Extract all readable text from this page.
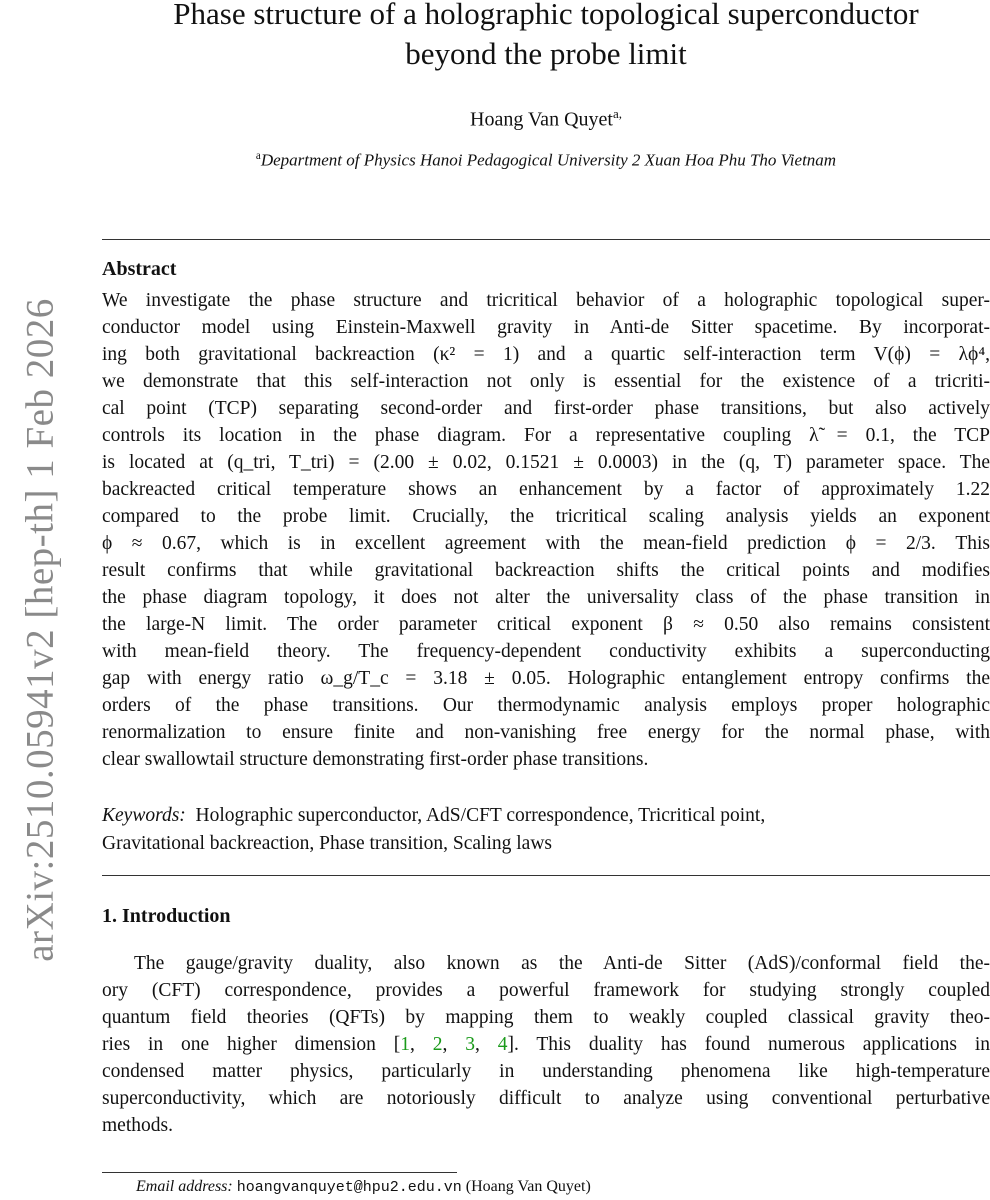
arXiv:2510.05941v2 [hep-th] 1 Feb 2026
Phase structure of a holographic topological superconductor
beyond the probe limit
Hoang Van Quyet$^{a,}$
$^a$Department of Physics Hanoi Pedagogical University 2 Xuan Hoa Phu Tho Vietnam
Abstract
We investigate the phase structure and tricritical behavior of a holographic topological super-
conductor model using Einstein-Maxwell gravity in Anti-de Sitter spacetime. By incorporat-
ing both gravitational backreaction (κ² = 1) and a quartic self-interaction term V(ϕ) = λϕ⁴,
we demonstrate that this self-interaction not only is essential for the existence of a tricriti-
cal point (TCP) separating second-order and first-order phase transitions, but also actively
controls its location in the phase diagram. For a representative coupling λ̃ = 0.1, the TCP
is located at (q_tri, T_tri) = (2.00 ± 0.02, 0.1521 ± 0.0003) in the (q, T) parameter space. The
backreacted critical temperature shows an enhancement by a factor of approximately 1.22
compared to the probe limit. Crucially, the tricritical scaling analysis yields an exponent
ϕ ≈ 0.67, which is in excellent agreement with the mean-field prediction ϕ = 2/3. This
result confirms that while gravitational backreaction shifts the critical points and modifies
the phase diagram topology, it does not alter the universality class of the phase transition in
the large-N limit. The order parameter critical exponent β ≈ 0.50 also remains consistent
with mean-field theory. The frequency-dependent conductivity exhibits a superconducting
gap with energy ratio ω_g/T_c = 3.18 ± 0.05. Holographic entanglement entropy confirms the
orders of the phase transitions. Our thermodynamic analysis employs proper holographic
renormalization to ensure finite and non-vanishing free energy for the normal phase, with
clear swallowtail structure demonstrating first-order phase transitions.
Keywords: Holographic superconductor, AdS/CFT correspondence, Tricritical point,
Gravitational backreaction, Phase transition, Scaling laws
1. Introduction
The gauge/gravity duality, also known as the Anti-de Sitter (AdS)/conformal field the-
ory (CFT) correspondence, provides a powerful framework for studying strongly coupled
quantum field theories (QFTs) by mapping them to weakly coupled classical gravity theo-
ries in one higher dimension [1, 2, 3, 4]. This duality has found numerous applications in
condensed matter physics, particularly in understanding phenomena like high-temperature
superconductivity, which are notoriously difficult to analyze using conventional perturbative
methods.
Email address: hoangvanquyet@hpu2.edu.vn (Hoang Van Quyet)
